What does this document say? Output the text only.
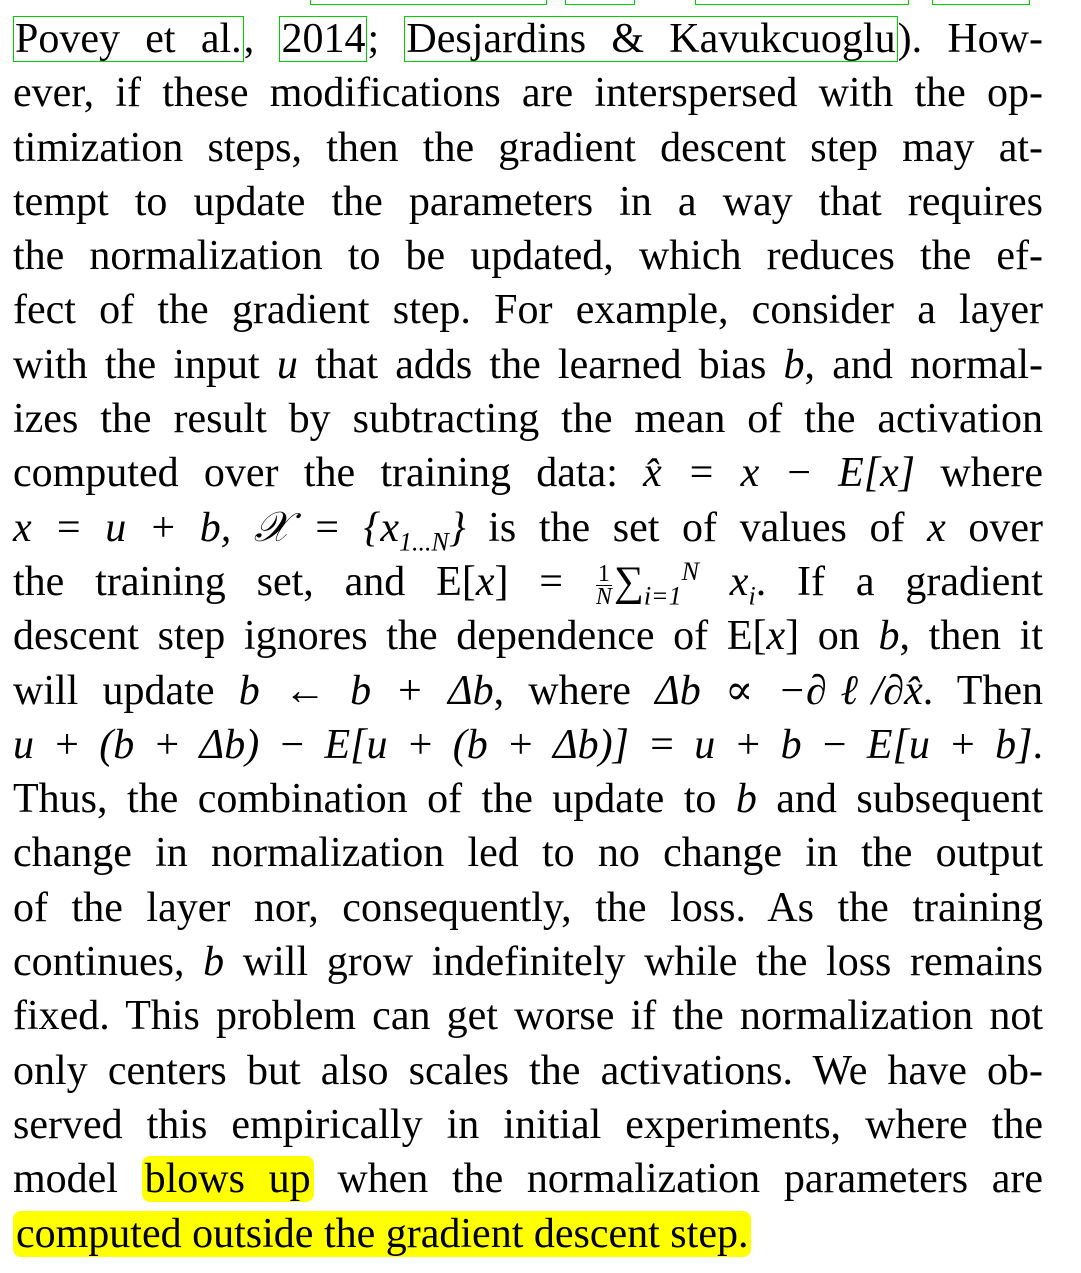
Povey et al., 2014; Desjardins & Kavukcuoglu). How-
ever, if these modifications are interspersed with the op-
timization steps, then the gradient descent step may at-
tempt to update the parameters in a way that requires
the normalization to be updated, which reduces the ef-
fect of the gradient step. For example, consider a layer
with the input u that adds the learned bias b, and normal-
izes the result by subtracting the mean of the activation
computed over the training data: x̂ = x − E[x] where
x = u + b, 𝒳 = $\{x_{1...N}\}$ is the set of values of x over
the training set, and $E[x] = \frac{1}{N} \sum_{i=1}^N$ $x_i$. If a gradient
descent step ignores the dependence of E[x] on b, then it
will update b ← b + Δb, where Δb ∝ −∂ℓ/∂x̂. Then
u + (b + Δb) − E[u + (b + Δb)] = u + b − E[u + b].
Thus, the combination of the update to b and subsequent
change in normalization led to no change in the output
of the layer nor, consequently, the loss. As the training
continues, b will grow indefinitely while the loss remains
fixed. This problem can get worse if the normalization not
only centers but also scales the activations. We have ob-
served this empirically in initial experiments, where the
model blows up when the normalization parameters are
computed outside the gradient descent step.
